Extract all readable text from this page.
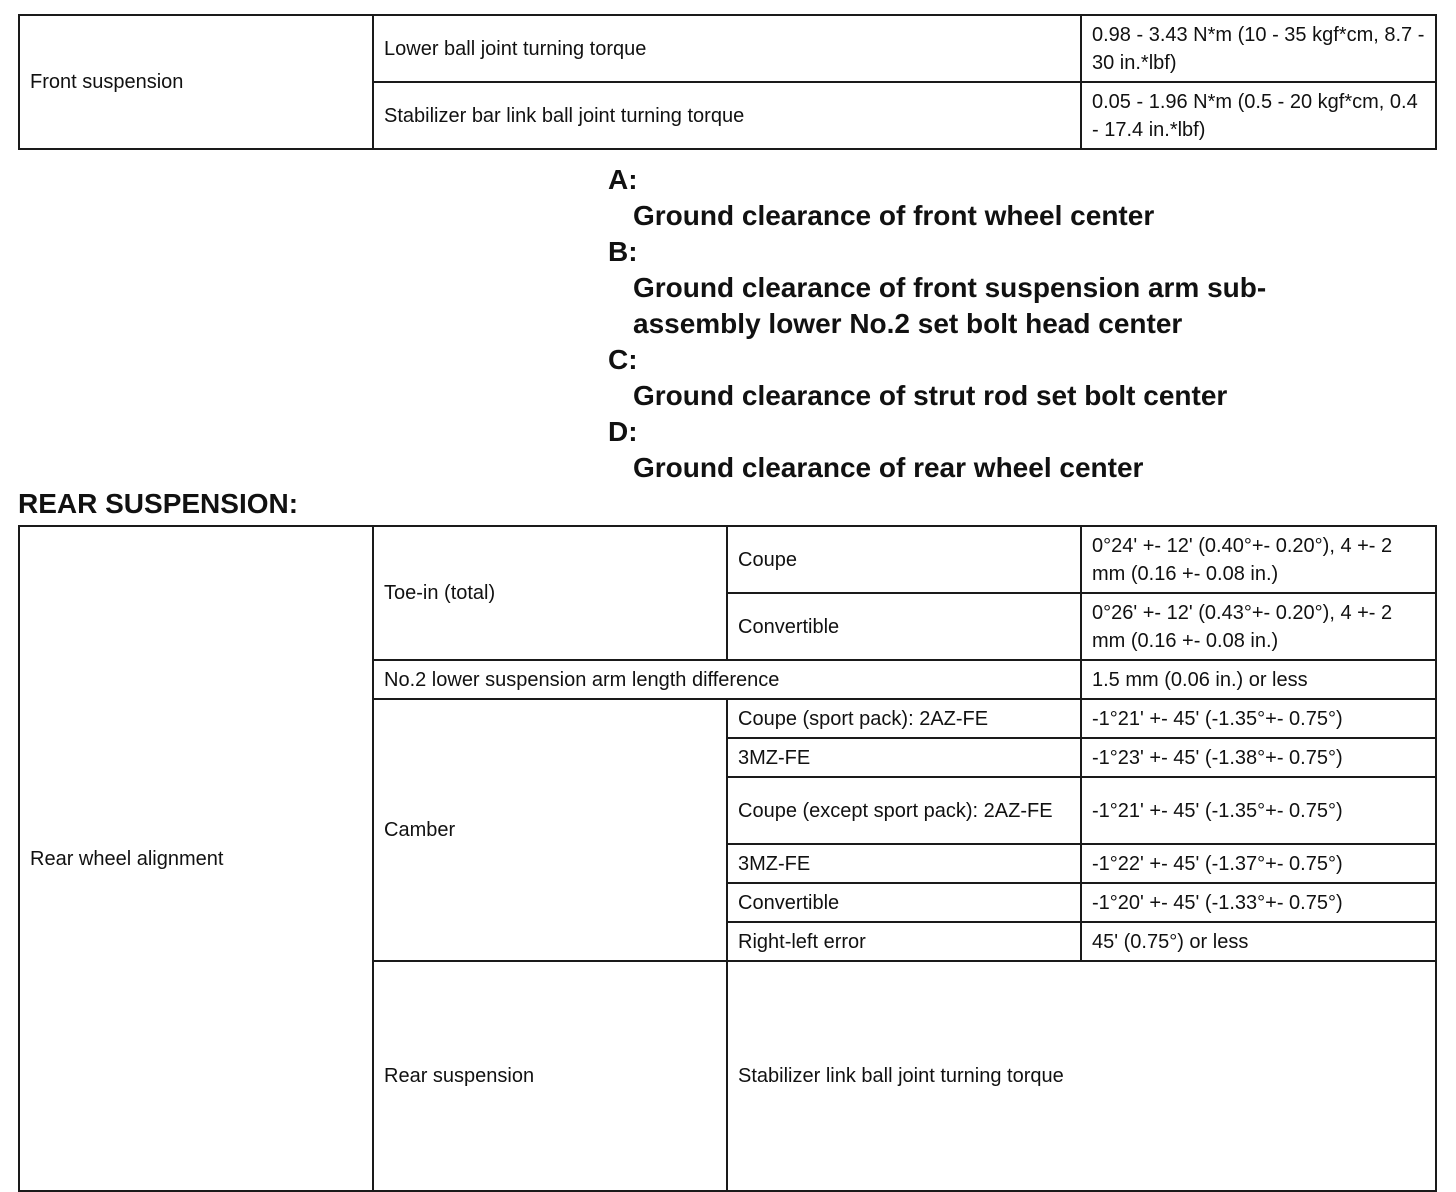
Front suspension	Lower ball joint turning torque	0.98 - 3.43 N*m (10 - 35 kgf*cm, 8.7 - 30 in.*lbf)
	Stabilizer bar link ball joint turning torque	0.05 - 1.96 N*m (0.5 - 20 kgf*cm, 0.4 - 17.4 in.*lbf)
A:
Ground clearance of front wheel center
B:
Ground clearance of front suspension arm sub-assembly lower No.2 set bolt head center
C:
Ground clearance of strut rod set bolt center
D:
Ground clearance of rear wheel center
REAR SUSPENSION:
Rear wheel alignment	Toe-in (total)	Coupe	0°24' +- 12' (0.40°+- 0.20°), 4 +- 2 mm (0.16 +- 0.08 in.)	
		Convertible	0°26' +- 12' (0.43°+- 0.20°), 4 +- 2 mm (0.16 +- 0.08 in.)	
	No.2 lower suspension arm length difference		1.5 mm (0.06 in.) or less	
	Camber	Coupe (sport pack): 2AZ-FE	-1°21' +- 45' (-1.35°+- 0.75°)	
		3MZ-FE	-1°23' +- 45' (-1.38°+- 0.75°)	
		Coupe (except sport pack): 2AZ-FE	-1°21' +- 45' (-1.35°+- 0.75°)	
		3MZ-FE	-1°22' +- 45' (-1.37°+- 0.75°)	
		Convertible	-1°20' +- 45' (-1.33°+- 0.75°)	
		Right-left error	45' (0.75°) or less	
	Rear suspension	Stabilizer link ball joint turning torque	
